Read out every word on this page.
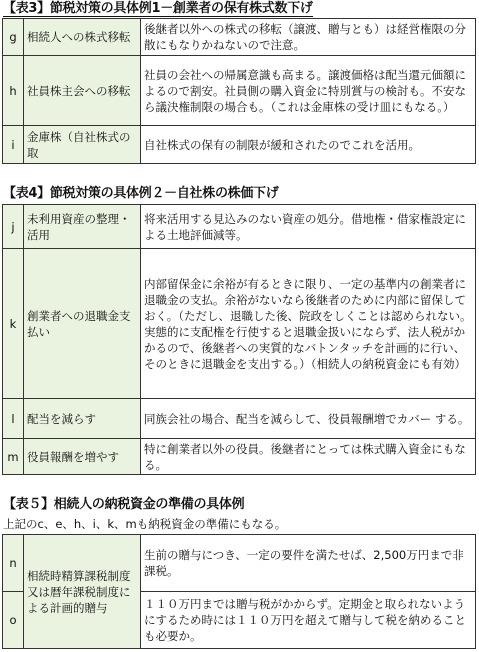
【表3】節税対策の具体例1－創業者の保有株式数下げ
g	相続人への株式移転	後継者以外への株式の移転（譲渡、贈与とも）は経営権限の分散にもなりかねないので注意。
h	社員株主会への移転	社員の会社への帰属意識も高まる。譲渡価格は配当還元価額によるので割安。社員側の購入資金に特別賞与の検討も。不安なら議決権制限の場合も。（これは金庫株の受け皿にもなる。）
i	金庫株（自社株式の取	自社株式の保有の制限が緩和されたのでこれを活用。
【表4】節税対策の具体例２－自社株の株価下げ
j	未利用資産の整理・活用	将来活用する見込みのない資産の処分。借地権・借家権設定による土地評価減等。
k	創業者への退職金支払い	内部留保金に余裕が有るときに限り、一定の基準内の創業者に退職金の支払。余裕がないなら後継者のために内部に留保しておく。（ただし、退職した後、院政をしくことは認められない。実態的に支配権を行使すると退職金扱いにならず、法人税がかかるので、後継者への実質的なバトンタッチを計画的に行い、そのときに退職金を支出する。）（相続人の納税資金にも有効）
l	配当を減らす	同族会社の場合、配当を減らして、役員報酬増でカバー する。
m	役員報酬を増やす	特に創業者以外の役員。後継者にとっては株式購入資金にもなる。
【表５】相続人の納税資金の準備の具体例
上記のc、e、h、i、k、mも納税資金の準備にもなる。
n	相続時精算課税制度又は暦年課税制度による計画的贈与	生前の贈与につき、一定の要件を満たせば、2,500万円まで非課税。
o		１１０万円までは贈与税がかからず。定期金と取られないようにするため時には１１０万円を超えて贈与して税を納めることも必要か。
